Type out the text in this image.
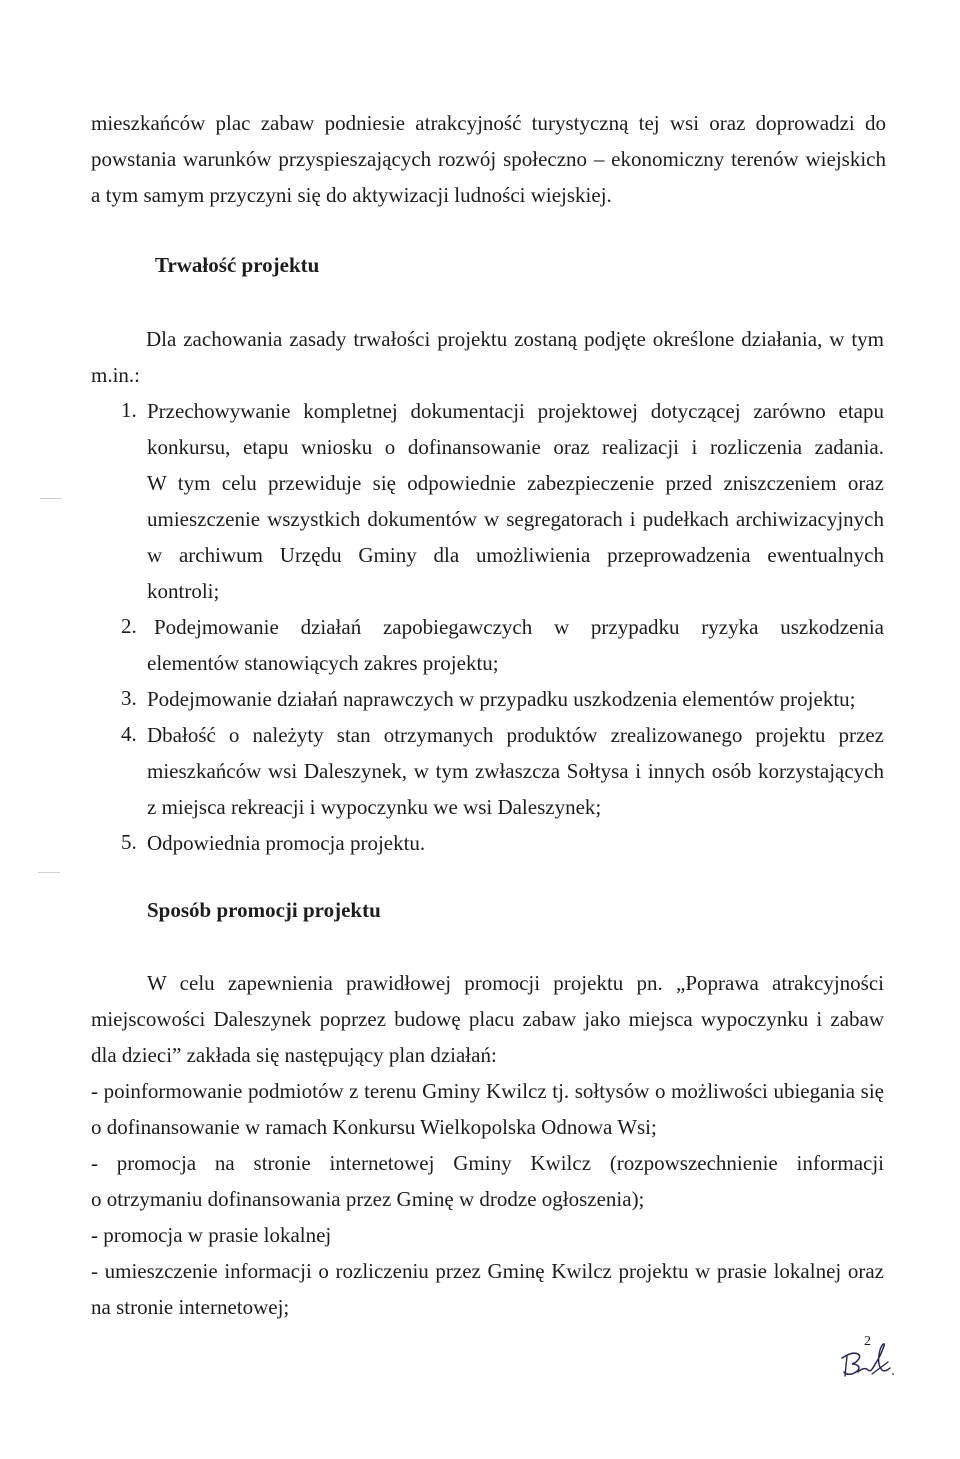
mieszkańców plac zabaw podniesie atrakcyjność turystyczną tej wsi oraz doprowadzi do
powstania warunków przyspieszających rozwój społeczno – ekonomiczny terenów wiejskich
a tym samym przyczyni się do aktywizacji ludności wiejskiej.
Trwałość projektu
Dla zachowania zasady trwałości projektu zostaną podjęte określone działania, w tym
m.in.:
1. Przechowywanie kompletnej dokumentacji projektowej dotyczącej zarówno etapu
konkursu, etapu wniosku o dofinansowanie oraz realizacji i rozliczenia zadania.
W tym celu przewiduje się odpowiednie zabezpieczenie przed zniszczeniem oraz
umieszczenie wszystkich dokumentów w segregatorach i pudełkach archiwizacyjnych
w archiwum Urzędu Gminy dla umożliwienia przeprowadzenia ewentualnych
kontroli;
2. Podejmowanie działań zapobiegawczych w przypadku ryzyka uszkodzenia
elementów stanowiących zakres projektu;
3. Podejmowanie działań naprawczych w przypadku uszkodzenia elementów projektu;
4. Dbałość o należyty stan otrzymanych produktów zrealizowanego projektu przez
mieszkańców wsi Daleszynek, w tym zwłaszcza Sołtysa i innych osób korzystających
z miejsca rekreacji i wypoczynku we wsi Daleszynek;
5. Odpowiednia promocja projektu.
Sposób promocji projektu
W celu zapewnienia prawidłowej promocji projektu pn. „Poprawa atrakcyjności
miejscowości Daleszynek poprzez budowę placu zabaw jako miejsca wypoczynku i zabaw
dla dzieci” zakłada się następujący plan działań:
- poinformowanie podmiotów z terenu Gminy Kwilcz tj. sołtysów o możliwości ubiegania się
o dofinansowanie w ramach Konkursu Wielkopolska Odnowa Wsi;
- promocja na stronie internetowej Gminy Kwilcz (rozpowszechnienie informacji
o otrzymaniu dofinansowania przez Gminę w drodze ogłoszenia);
- promocja w prasie lokalnej
- umieszczenie informacji o rozliczeniu przez Gminę Kwilcz projektu w prasie lokalnej oraz
na stronie internetowej;
2
